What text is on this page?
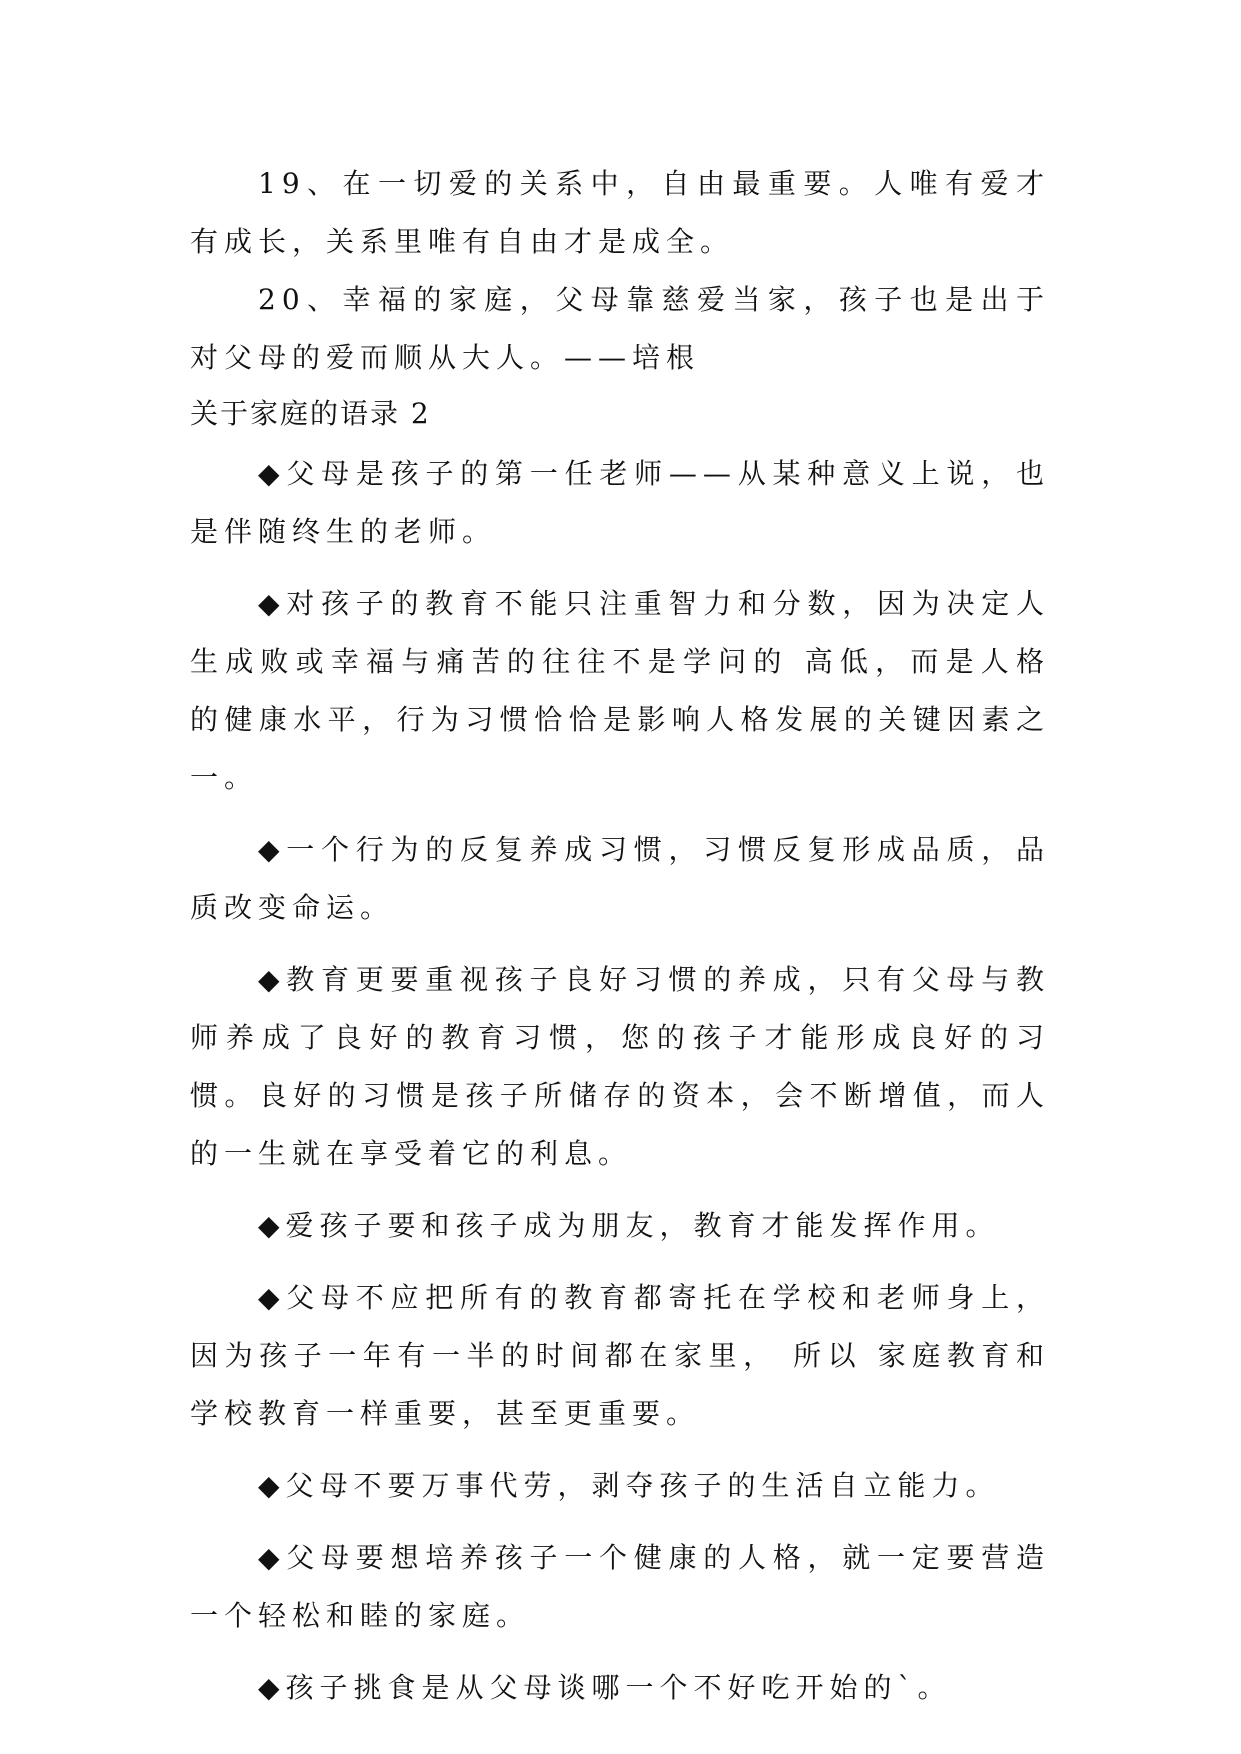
19、在一切爱的关系中，自由最重要。人唯有爱才有成长，关系里唯有自由才是成全。

20、幸福的家庭，父母靠慈爱当家，孩子也是出于对父母的爱而顺从大人。——培根

关于家庭的语录 2

◆父母是孩子的第一任老师——从某种意义上说，也是伴随终生的老师。

◆对孩子的教育不能只注重智力和分数，因为决定人生成败或幸福与痛苦的往往不是学问的 高低，而是人格的健康水平，行为习惯恰恰是影响人格发展的关键因素之一。

◆一个行为的反复养成习惯，习惯反复形成品质，品质改变命运。

◆教育更要重视孩子良好习惯的养成，只有父母与教师养成了良好的教育习惯，您的孩子才能形成良好的习惯。良好的习惯是孩子所储存的资本，会不断增值，而人的一生就在享受着它的利息。

◆爱孩子要和孩子成为朋友，教育才能发挥作用。

◆父母不应把所有的教育都寄托在学校和老师身上，因为孩子一年有一半的时间都在家里， 所以 家庭教育和学校教育一样重要，甚至更重要。

◆父母不要万事代劳，剥夺孩子的生活自立能力。

◆父母要想培养孩子一个健康的人格，就一定要营造一个轻松和睦的家庭。

◆孩子挑食是从父母谈哪一个不好吃开始的`。
